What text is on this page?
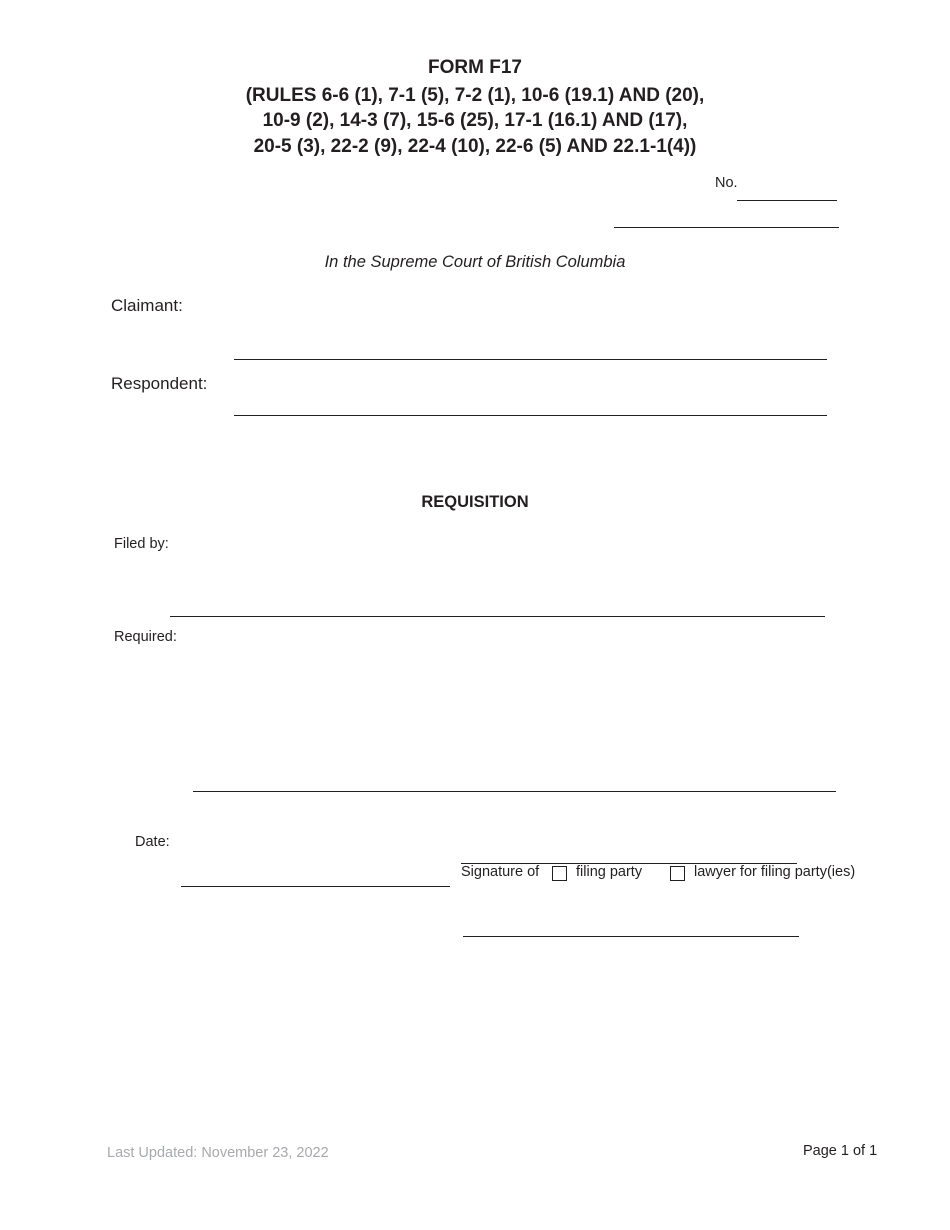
FORM F17
(RULES 6-6 (1), 7-1 (5), 7-2 (1), 10-6 (19.1) AND (20),
10-9 (2), 14-3 (7), 15-6 (25), 17-1 (16.1) AND (17),
20-5 (3), 22-2 (9), 22-4 (10), 22-6 (5) AND 22.1-1(4))
No.
In the Supreme Court of British Columbia
Claimant:
Respondent:
REQUISITION
Filed by:
Required:
Date:
Signature of	filing party	lawyer for filing party(ies)
Last Updated: November 23, 2022	Page 1 of 1
